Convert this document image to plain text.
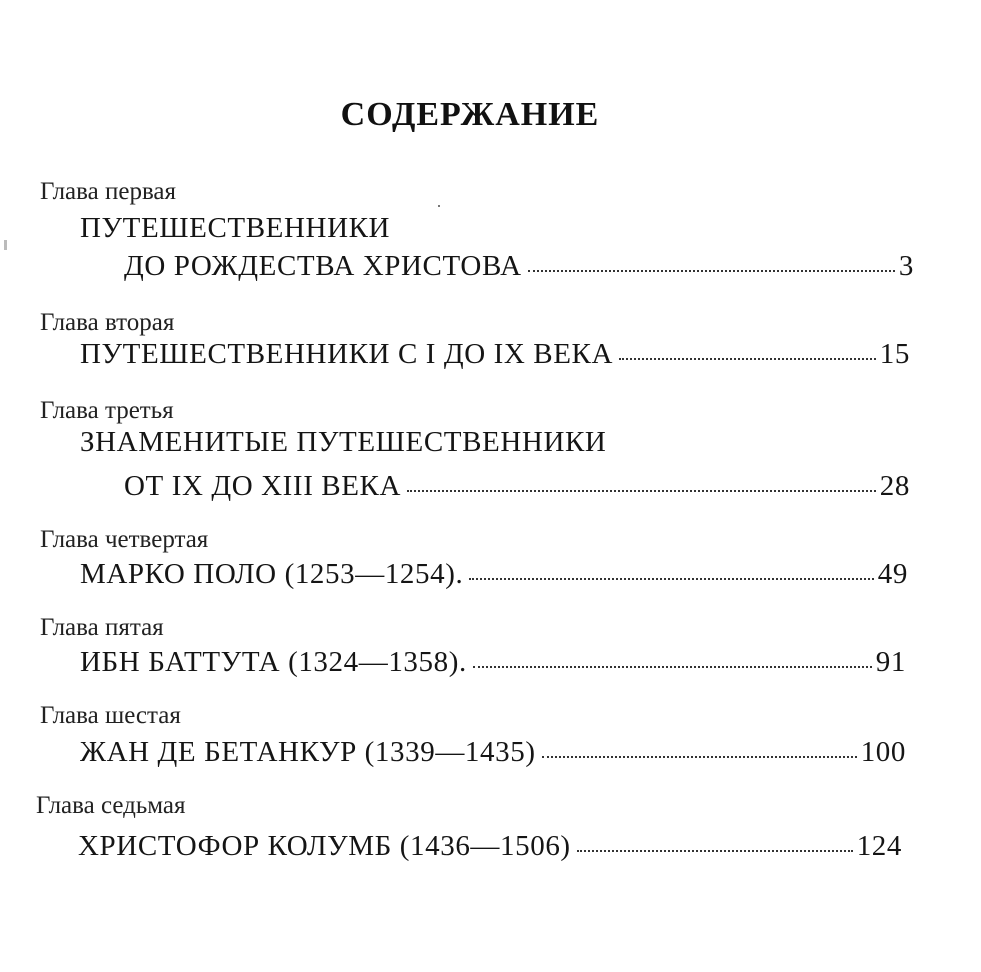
СОДЕРЖАНИЕ
Глава первая
ПУТЕШЕСТВЕННИКИ
ДО РОЖДЕСТВА ХРИСТОВА	3
Глава вторая
ПУТЕШЕСТВЕННИКИ С I ДО IX ВЕКА	15
Глава третья
ЗНАМЕНИТЫЕ ПУТЕШЕСТВЕННИКИ
ОТ IX ДО XIII ВЕКА	28
Глава четвертая
МАРКО ПОЛО (1253—1254).	49
Глава пятая
ИБН БАТТУТА (1324—1358).	91
Глава шестая
ЖАН ДЕ БЕТАНКУР (1339—1435)	100
Глава седьмая
ХРИСТОФОР КОЛУМБ (1436—1506)	124
